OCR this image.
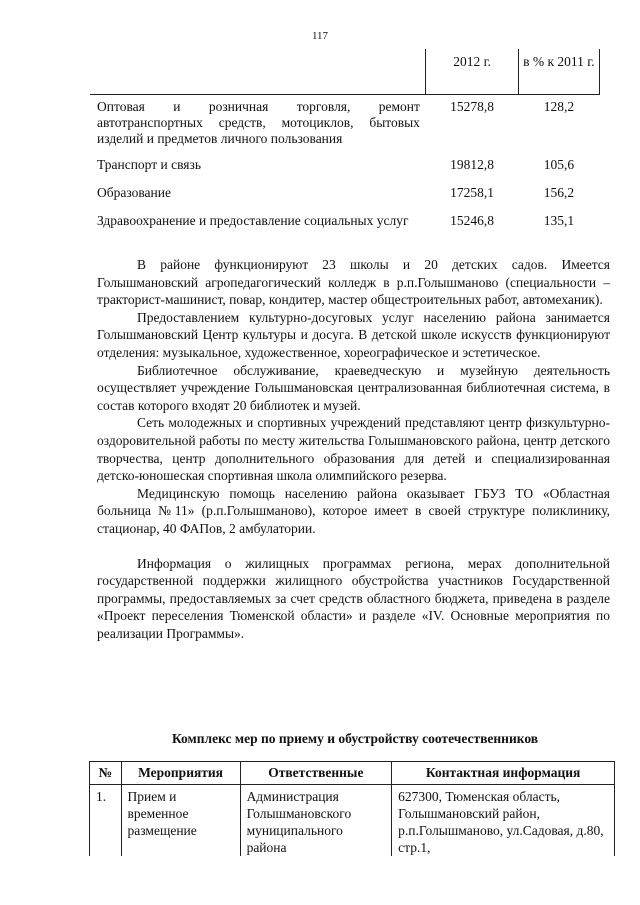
117
	2012 г.	в % к 2011 г.
Оптовая и розничная торговля, ремонт автотранспортных средств, мотоциклов, бытовых изделий и предметов личного пользования	15278,8	128,2
Транспорт и связь	19812,8	105,6
Образование	17258,1	156,2
Здравоохранение и предоставление социальных услуг	15246,8	135,1

В районе функционируют 23 школы и 20 детских садов. Имеется Голышмановский агропедагогический колледж в р.п.Голышманово (специальности – тракторист-машинист, повар, кондитер, мастер общестроительных работ, автомеханик).

Предоставлением культурно-досуговых услуг населению района занимается Голышмановский Центр культуры и досуга. В детской школе искусств функционируют отделения: музыкальное, художественное, хореографическое и эстетическое.

Библиотечное обслуживание, краеведческую и музейную деятельность осуществляет учреждение Голышмановская централизованная библиотечная система, в состав которого входят 20 библиотек и музей.

Сеть молодежных и спортивных учреждений представляют центр физкультурно-оздоровительной работы по месту жительства Голышмановского района, центр детского творчества, центр дополнительного образования для детей и специализированная детско-юношеская спортивная школа олимпийского резерва.

Медицинскую помощь населению района оказывает ГБУЗ ТО «Областная больница №11» (р.п.Голышманово), которое имеет в своей структуре поликлинику, стационар, 40 ФАПов, 2 амбулатории.

Информация о жилищных программах региона, мерах дополнительной государственной поддержки жилищного обустройства участников Государственной программы, предоставляемых за счет средств областного бюджета, приведена в разделе «Проект переселения Тюменской области» и разделе «IV. Основные мероприятия по реализации Программы».

Комплекс мер по приему и обустройству соотечественников
№	Мероприятия	Ответственные	Контактная информация
1.	Прием и временное размещение	Администрация Голышмановского муниципального района	627300, Тюменская область, Голышмановский район, р.п.Голышманово, ул.Садовая, д.80, стр.1,
